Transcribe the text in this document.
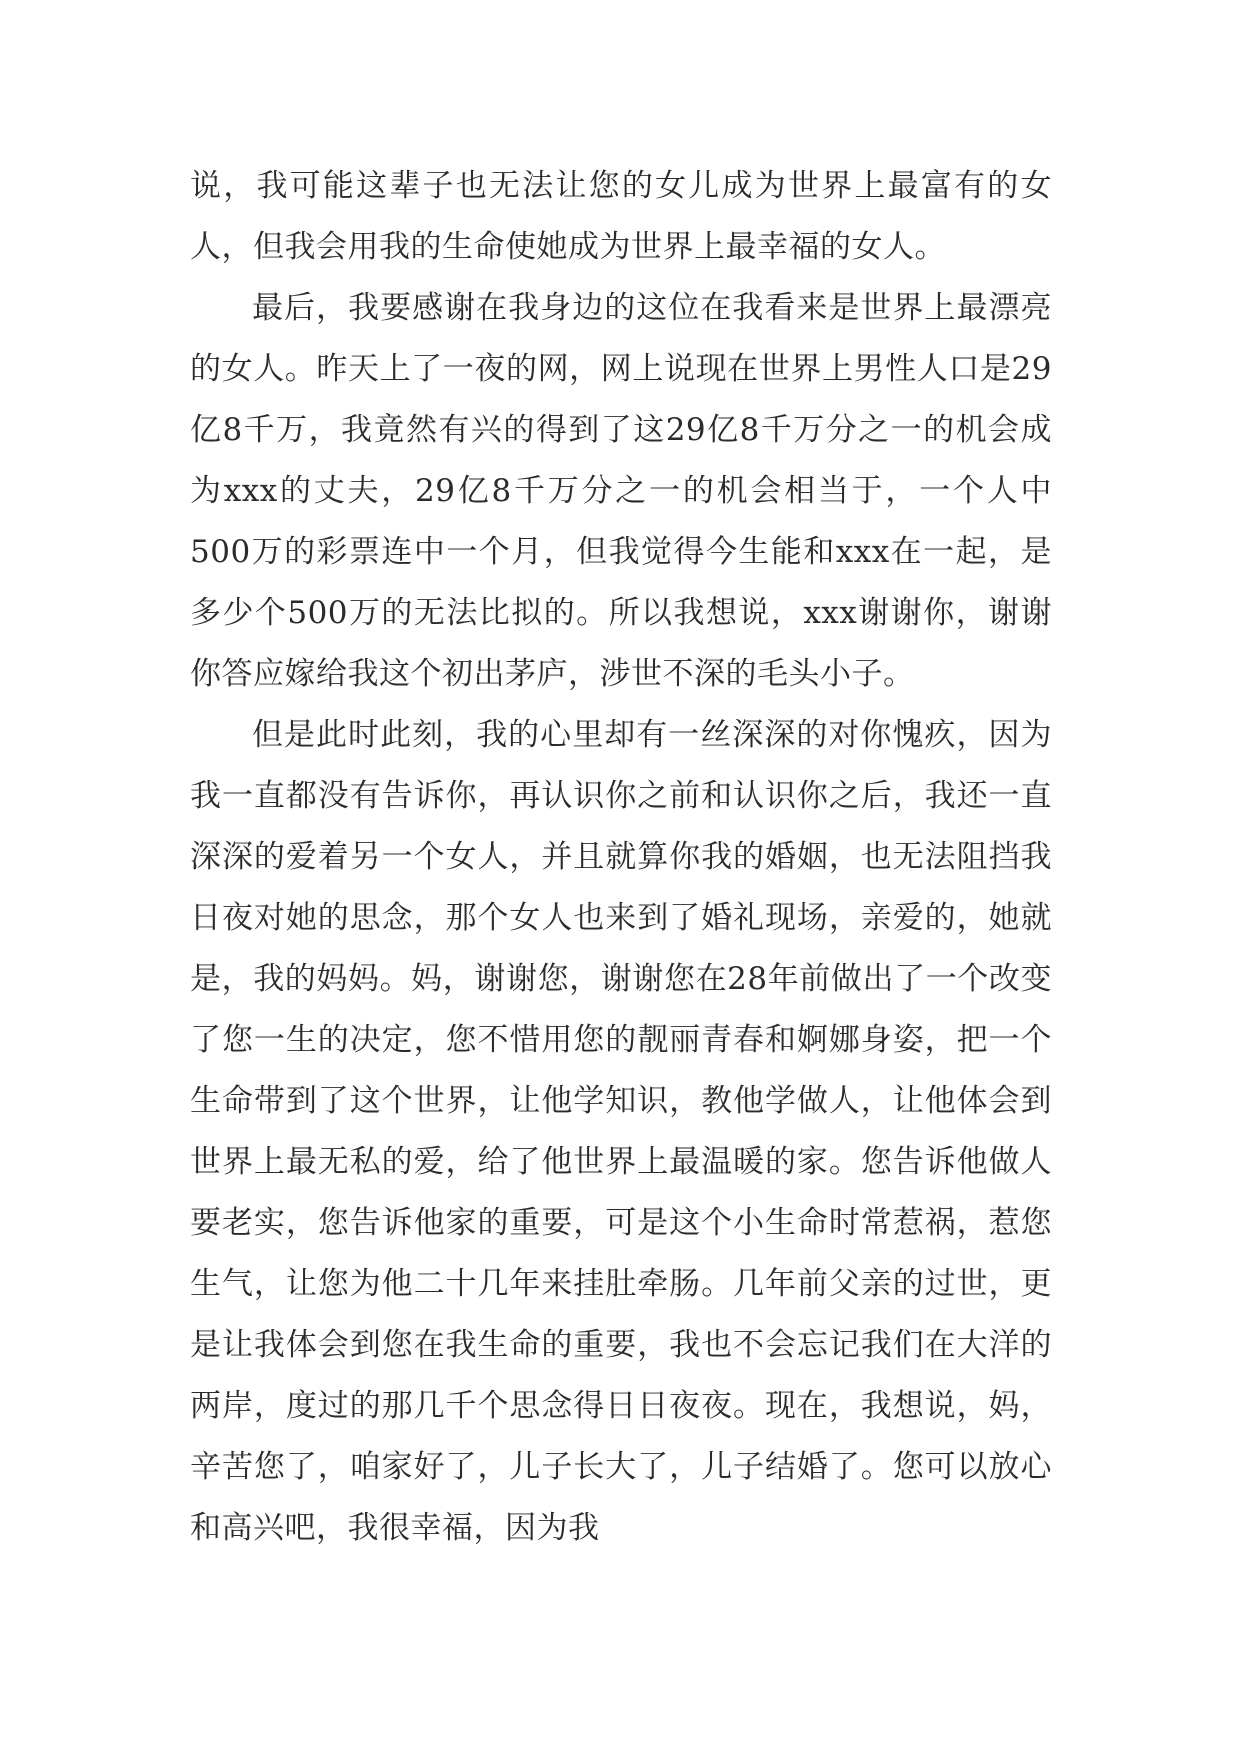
说，我可能这辈子也无法让您的女儿成为世界上最富有的女人，但我会用我的生命使她成为世界上最幸福的女人。

最后，我要感谢在我身边的这位在我看来是世界上最漂亮的女人。昨天上了一夜的网，网上说现在世界上男性人口是29亿8千万，我竟然有兴的得到了这29亿8千万分之一的机会成为xxx的丈夫，29亿8千万分之一的机会相当于，一个人中500万的彩票连中一个月，但我觉得今生能和xxx在一起，是多少个500万的无法比拟的。所以我想说，xxx谢谢你，谢谢你答应嫁给我这个初出茅庐，涉世不深的毛头小子。

但是此时此刻，我的心里却有一丝深深的对你愧疚，因为我一直都没有告诉你，再认识你之前和认识你之后，我还一直深深的爱着另一个女人，并且就算你我的婚姻，也无法阻挡我日夜对她的思念，那个女人也来到了婚礼现场，亲爱的，她就是，我的妈妈。妈，谢谢您，谢谢您在28年前做出了一个改变了您一生的决定，您不惜用您的靓丽青春和婀娜身姿，把一个生命带到了这个世界，让他学知识，教他学做人，让他体会到世界上最无私的爱，给了他世界上最温暖的家。您告诉他做人要老实，您告诉他家的重要，可是这个小生命时常惹祸，惹您生气，让您为他二十几年来挂肚牵肠。几年前父亲的过世，更是让我体会到您在我生命的重要，我也不会忘记我们在大洋的两岸，度过的那几千个思念得日日夜夜。现在，我想说，妈，辛苦您了，咱家好了，儿子长大了，儿子结婚了。您可以放心和高兴吧，我很幸福，因为我
